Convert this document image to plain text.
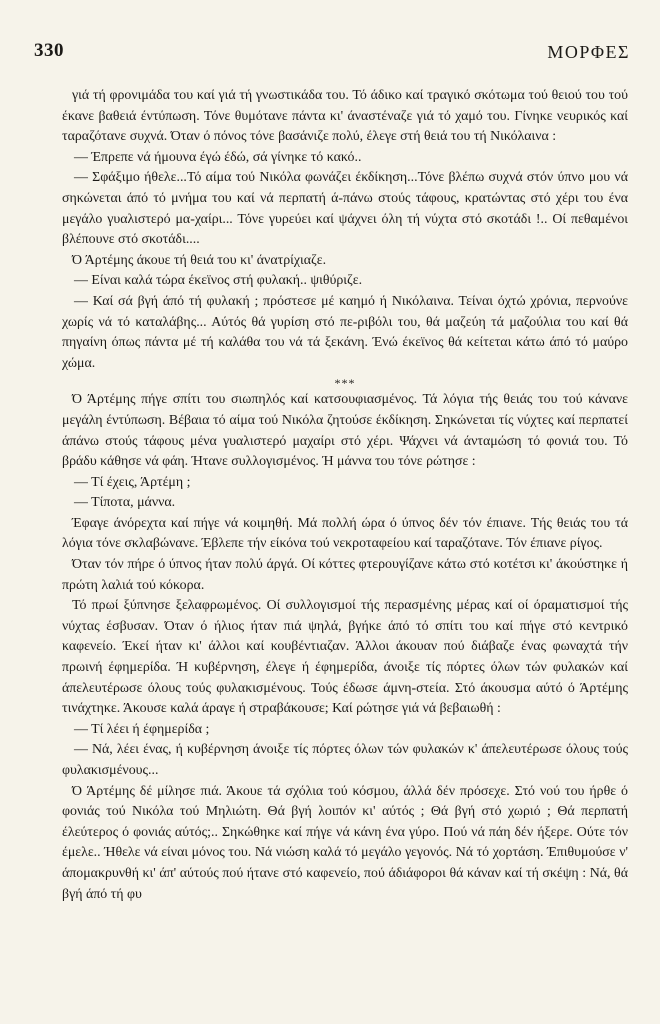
330	ΜΟΡΦΕΣ

γιά τή φρονιμάδα του καί γιά τή γνωστικάδα του. Τό άδικο καί τραγικό σκότωμα τού θειού του τού έκανε βαθειά έντύπωση. Τόνε θυμότανε πάντα κι' άναστέναζε γιά τό χαμό του. Γίνηκε νευρικός καί ταραζότανε συχνά. Όταν ό πόνος τόνε βασάνιζε πολύ, έλεγε στή θειά του τή Νικόλαινα :

— Έπρεπε νά ήμουνα έγώ έδώ, σά γίνηκε τό κακό..

— Σφάξιμο ήθελε...Τό αίμα τού Νικόλα φωνάζει έκδίκηση...Τόνε βλέπω συχνά στόν ύπνο μου νά σηκώνεται άπό τό μνήμα του καί νά περπατή ά-πάνω στούς τάφους, κρατώντας στό χέρι του ένα μεγάλο γυαλιστερό μα-χαίρι... Τόνε γυρεύει καί ψάχνει όλη τή νύχτα στό σκοτάδι !.. Οί πεθαμένοι βλέπουνε στό σκοτάδι....

Ό Άρτέμης άκουε τή θειά του κι' άνατρίχιαζε.

— Είναι καλά τώρα έκεϊνος στή φυλακή.. ψιθύριζε.

— Καί σά βγή άπό τή φυλακή ; πρόστεσε μέ καημό ή Νικόλαινα. Τείναι όχτώ χρόνια, περνούνε χωρίς νά τό καταλάβης... Αύτός θά γυρίση στό πε-ριβόλι του, θά μαζεύη τά μαζούλια του καί θά πηγαίνη όπως πάντα μέ τή καλάθα του νά τά ξεκάνη. Ένώ έκεϊνος θά κείτεται κάτω άπό τό μαύρο χώμα.

***

Ό Άρτέμης πήγε σπίτι του σιωπηλός καί κατσουφιασμένος. Τά λόγια τής θειάς του τού κάνανε μεγάλη έντύπωση. Βέβαια τό αίμα τού Νικόλα ζητούσε έκδίκηση. Σηκώνεται τίς νύχτες καί περπατεί άπάνω στούς τάφους μένα γυαλιστερό μαχαίρι στό χέρι. Ψάχνει νά άνταμώση τό φονιά του. Τό βράδυ κάθησε νά φάη. Ήτανε συλλογισμένος. Ή μάννα του τόνε ρώτησε :

— Τί έχεις, Άρτέμη ;

— Τίποτα, μάννα.

Έφαγε άνόρεχτα καί πήγε νά κοιμηθή. Μά πολλή ώρα ό ύπνος δέν τόν έπιανε. Τής θειάς του τά λόγια τόνε σκλαβώνανε. Έβλεπε τήν είκόνα τού νεκροταφείου καί ταραζότανε. Τόν έπιανε ρίγος.

Όταν τόν πήρε ό ύπνος ήταν πολύ άργά. Οί κόττες φτερουγίζανε κάτω στό κοτέτσι κι' άκούστηκε ή πρώτη λαλιά τού κόκορα.

Τό πρωί ξύπνησε ξελαφρωμένος. Οί συλλογισμοί τής περασμένης μέρας καί οί όραματισμοί τής νύχτας έσβυσαν. Όταν ό ήλιος ήταν πιά ψηλά, βγήκε άπό τό σπίτι του καί πήγε στό κεντρικό καφενείο. Έκεί ήταν κι' άλλοι καί κουβέντιαζαν. Άλλοι άκουαν πού διάβαζε ένας φωναχτά τήν πρωινή έφημερίδα. Ή κυβέρνηση, έλεγε ή έφημερίδα, άνοιξε τίς πόρτες όλων τών φυλακών καί άπελευτέρωσε όλους τούς φυλακισμένους. Τούς έδωσε άμνη-στεία. Στό άκουσμα αύτό ό Άρτέμης τινάχτηκε. Άκουσε καλά άραγε ή στραβάκουσε; Καί ρώτησε γιά νά βεβαιωθή :

— Τί λέει ή έφημερίδα ;

— Νά, λέει ένας, ή κυβέρνηση άνοιξε τίς πόρτες όλων τών φυλακών κ' άπελευτέρωσε όλους τούς φυλακισμένους...

Ό Άρτέμης δέ μίλησε πιά. Άκουε τά σχόλια τού κόσμου, άλλά δέν πρόσεχε. Στό νού του ήρθε ό φονιάς τού Νικόλα τού Μηλιώτη. Θά βγή λοιπόν κι' αύτός ; Θά βγή στό χωριό ; Θά περπατή έλεύτερος ό φονιάς αύτός;.. Σηκώθηκε καί πήγε νά κάνη ένα γύρο. Πού νά πάη δέν ήξερε. Ούτε τόν έμελε.. Ήθελε νά είναι μόνος του. Νά νιώση καλά τό μεγάλο γεγονός. Νά τό χορτάση. Έπιθυμούσε ν' άπομακρυνθή κι' άπ' αύτούς πού ήτανε στό καφενείο, πού άδιάφοροι θά κάναν καί τή σκέψη : Νά, θά βγή άπό τή φυ
